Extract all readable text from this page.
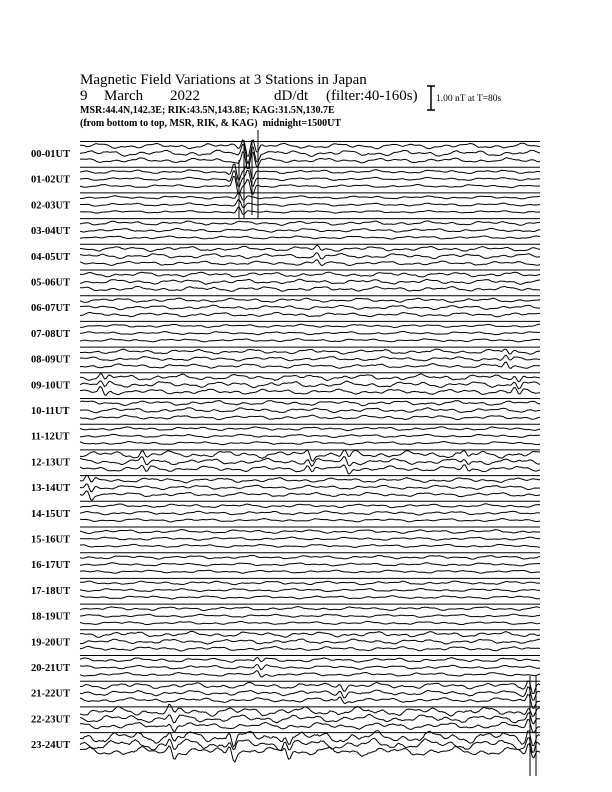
00-01UT
01-02UT
02-03UT
03-04UT
04-05UT
05-06UT
06-07UT
07-08UT
08-09UT
09-10UT
10-11UT
11-12UT
12-13UT
13-14UT
14-15UT
15-16UT
16-17UT
17-18UT
18-19UT
19-20UT
20-21UT
21-22UT
22-23UT
23-24UT
Magnetic Field Variations at 3 Stations in Japan

9

March

2022

	dD/dt

(filter:40-160s)

MSR:44.4N,142.3E; RIK:43.5N,143.8E; KAG:31.5N,130.7E
(from bottom to top, MSR, RIK, & KAG) midnight=1500UT
1.00 nT at T=80s
